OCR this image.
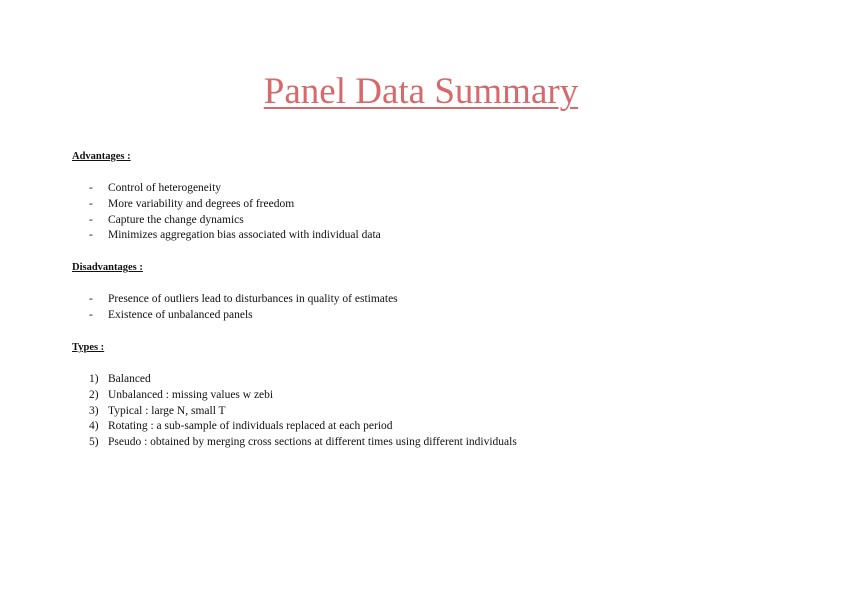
Panel Data Summary
Advantages :
- Control of heterogeneity
- More variability and degrees of freedom
- Capture the change dynamics
- Minimizes aggregation bias associated with individual data
Disadvantages :
- Presence of outliers lead to disturbances in quality of estimates
- Existence of unbalanced panels
Types :
1) Balanced
2) Unbalanced : missing values w zebi
3) Typical : large N, small T
4) Rotating : a sub-sample of individuals replaced at each period
5) Pseudo : obtained by merging cross sections at different times using different individuals
